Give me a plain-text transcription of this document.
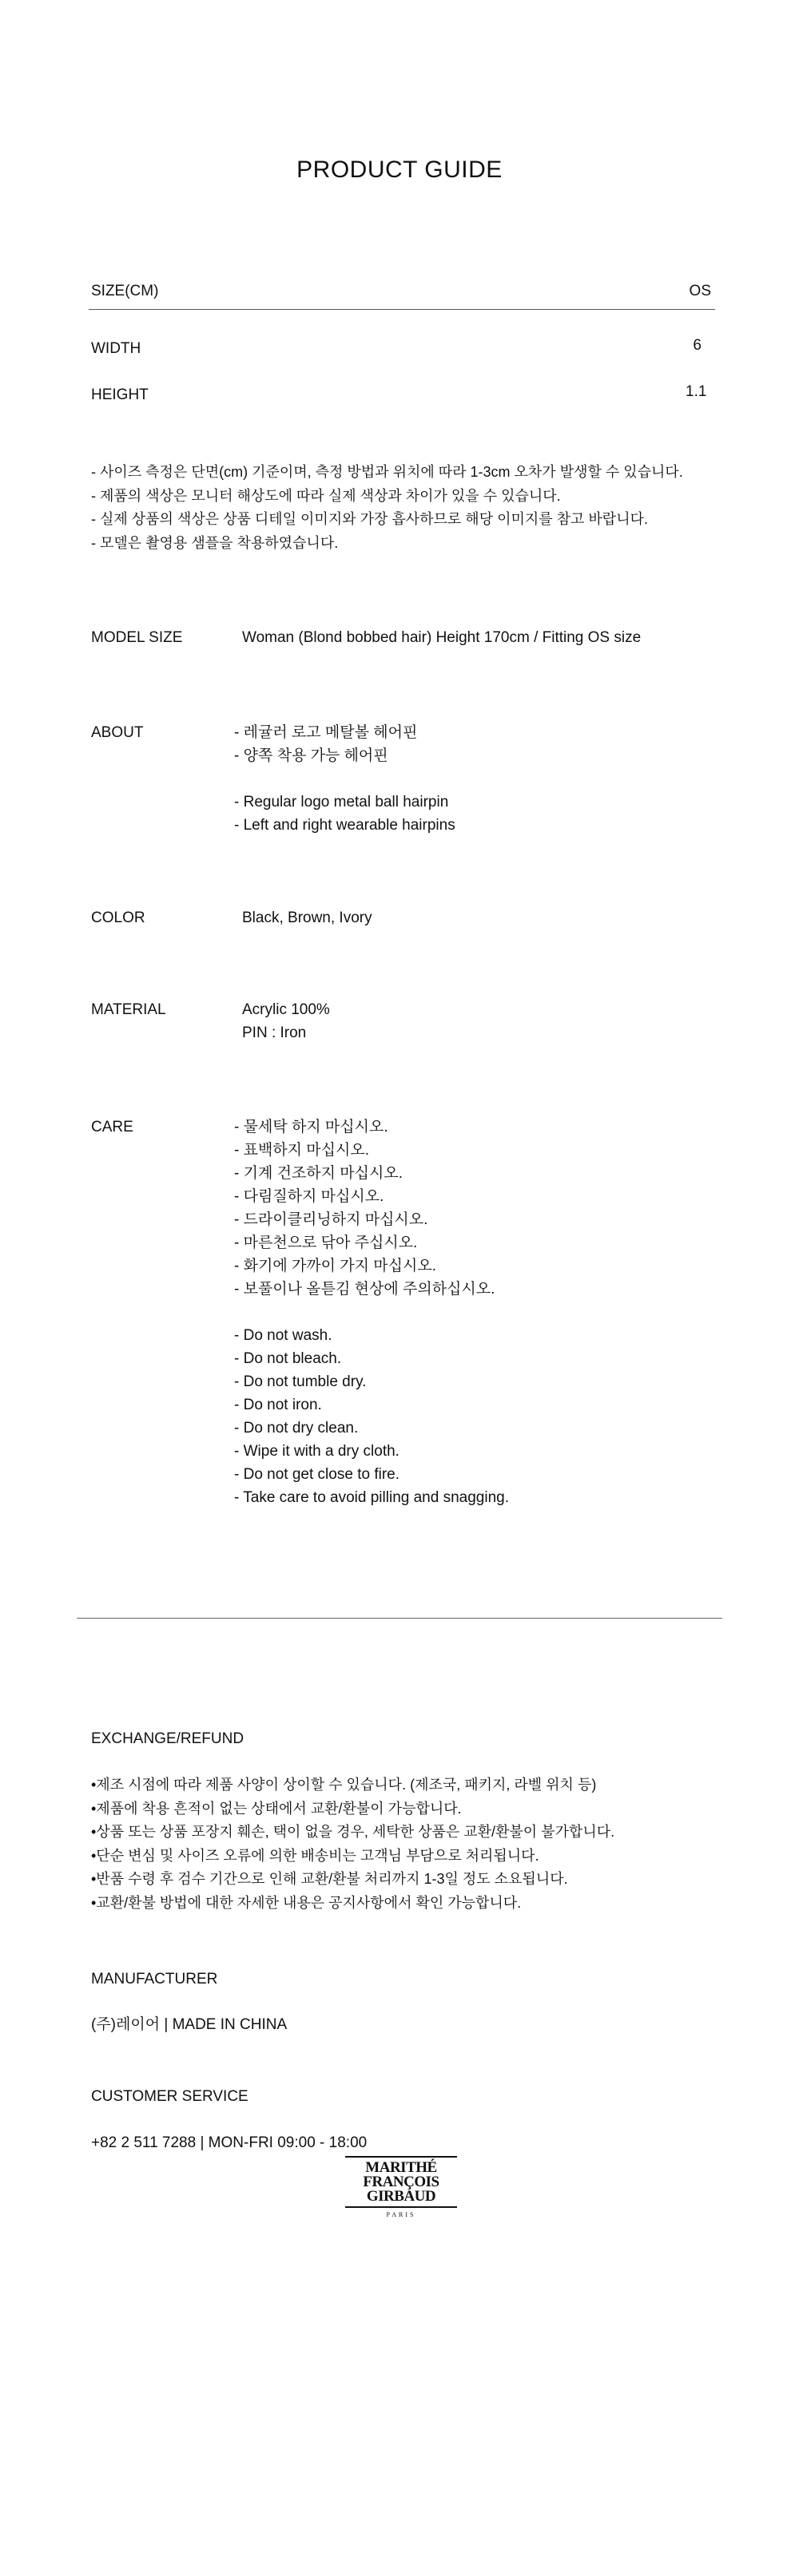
PRODUCT GUIDE
SIZE(CM)	OS
WIDTH	6
HEIGHT	1.1
- 사이즈 측정은 단면(cm) 기준이며, 측정 방법과 위치에 따라 1-3cm 오차가 발생할 수 있습니다.
- 제품의 색상은 모니터 해상도에 따라 실제 색상과 차이가 있을 수 있습니다.
- 실제 상품의 색상은 상품 디테일 이미지와 가장 흡사하므로 해당 이미지를 참고 바랍니다.
- 모델은 촬영용 샘플을 착용하였습니다.
MODEL SIZE	Woman (Blond bobbed hair) Height 170cm / Fitting OS size
ABOUT	- 레귤러 로고 메탈볼 헤어핀
- 양쪽 착용 가능 헤어핀

- Regular logo metal ball hairpin
- Left and right wearable hairpins
COLOR	Black, Brown, Ivory
MATERIAL	Acrylic 100%
PIN : Iron
CARE	- 물세탁 하지 마십시오.
- 표백하지 마십시오.
- 기계 건조하지 마십시오.
- 다림질하지 마십시오.
- 드라이클리닝하지 마십시오.
- 마른천으로 닦아 주십시오.
- 화기에 가까이 가지 마십시오.
- 보풀이나 올튿김 현상에 주의하십시오.

- Do not wash.
- Do not bleach.
- Do not tumble dry.
- Do not iron.
- Do not dry clean.
- Wipe it with a dry cloth.
- Do not get close to fire.
- Take care to avoid pilling and snagging.
EXCHANGE/REFUND
•제조 시점에 따라 제품 사양이 상이할 수 있습니다. (제조국, 패키지, 라벨 위치 등)
•제품에 착용 흔적이 없는 상태에서 교환/환불이 가능합니다.
•상품 또는 상품 포장지 훼손, 택이 없을 경우, 세탁한 상품은 교환/환불이 불가합니다.
•단순 변심 및 사이즈 오류에 의한 배송비는 고객님 부담으로 처리됩니다.
•반품 수령 후 검수 기간으로 인해 교환/환불 처리까지 1-3일 정도 소요됩니다.
•교환/환불 방법에 대한 자세한 내용은 공지사항에서 확인 가능합니다.
MANUFACTURER
(주)레이어 | MADE IN CHINA
CUSTOMER SERVICE
+82 2 511 7288 | MON-FRI 09:00 - 18:00
MARITHÉ
FRANÇOIS
GIRBAUD
PARIS
